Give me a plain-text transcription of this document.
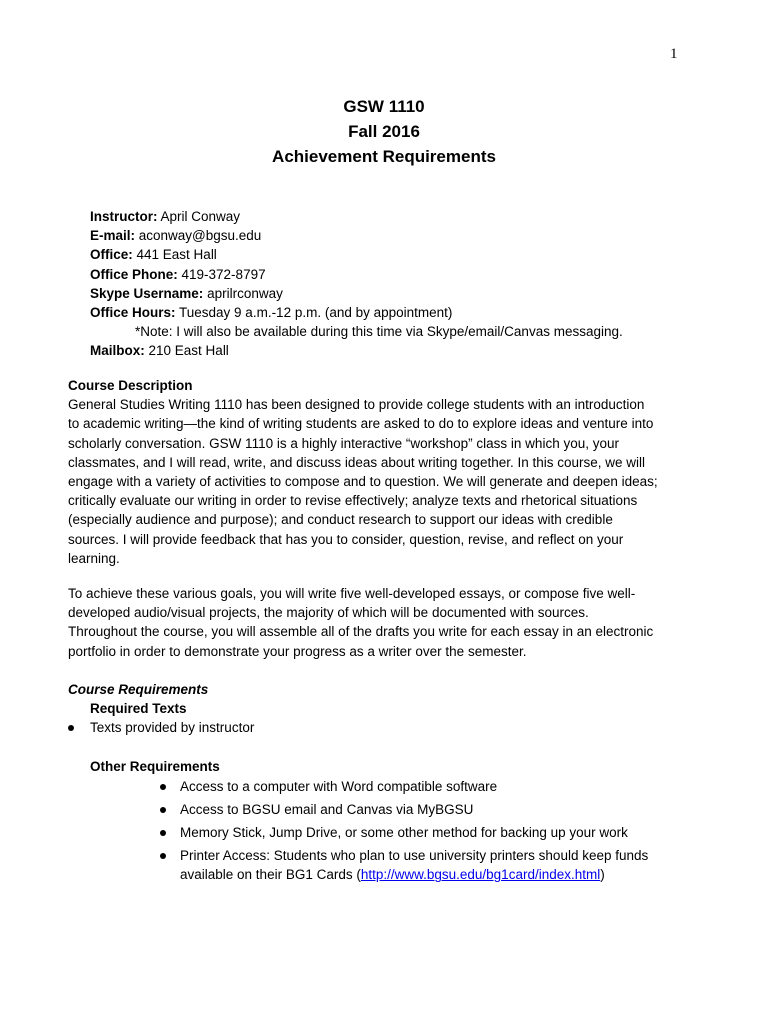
1
GSW 1110
Fall 2016
Achievement Requirements
Instructor: April Conway
E-mail: aconway@bgsu.edu
Office: 441 East Hall
Office Phone: 419-372-8797
Skype Username: aprilrconway
Office Hours: Tuesday 9 a.m.-12 p.m. (and by appointment)
*Note: I will also be available during this time via Skype/email/Canvas messaging.
Mailbox: 210 East Hall
Course Description
General Studies Writing 1110 has been designed to provide college students with an introduction
to academic writing—the kind of writing students are asked to do to explore ideas and venture into
scholarly conversation. GSW 1110 is a highly interactive “workshop” class in which you, your
classmates, and I will read, write, and discuss ideas about writing together. In this course, we will
engage with a variety of activities to compose and to question. We will generate and deepen ideas;
critically evaluate our writing in order to revise effectively; analyze texts and rhetorical situations
(especially audience and purpose); and conduct research to support our ideas with credible
sources. I will provide feedback that has you to consider, question, revise, and reflect on your
learning.
To achieve these various goals, you will write five well-developed essays, or compose five well-
developed audio/visual projects, the majority of which will be documented with sources.
Throughout the course, you will assemble all of the drafts you write for each essay in an electronic
portfolio in order to demonstrate your progress as a writer over the semester.
Course Requirements
Required Texts
Texts provided by instructor
Other Requirements
Access to a computer with Word compatible software
Access to BGSU email and Canvas via MyBGSU
Memory Stick, Jump Drive, or some other method for backing up your work
Printer Access: Students who plan to use university printers should keep funds
available on their BG1 Cards (http://www.bgsu.edu/bg1card/index.html)
